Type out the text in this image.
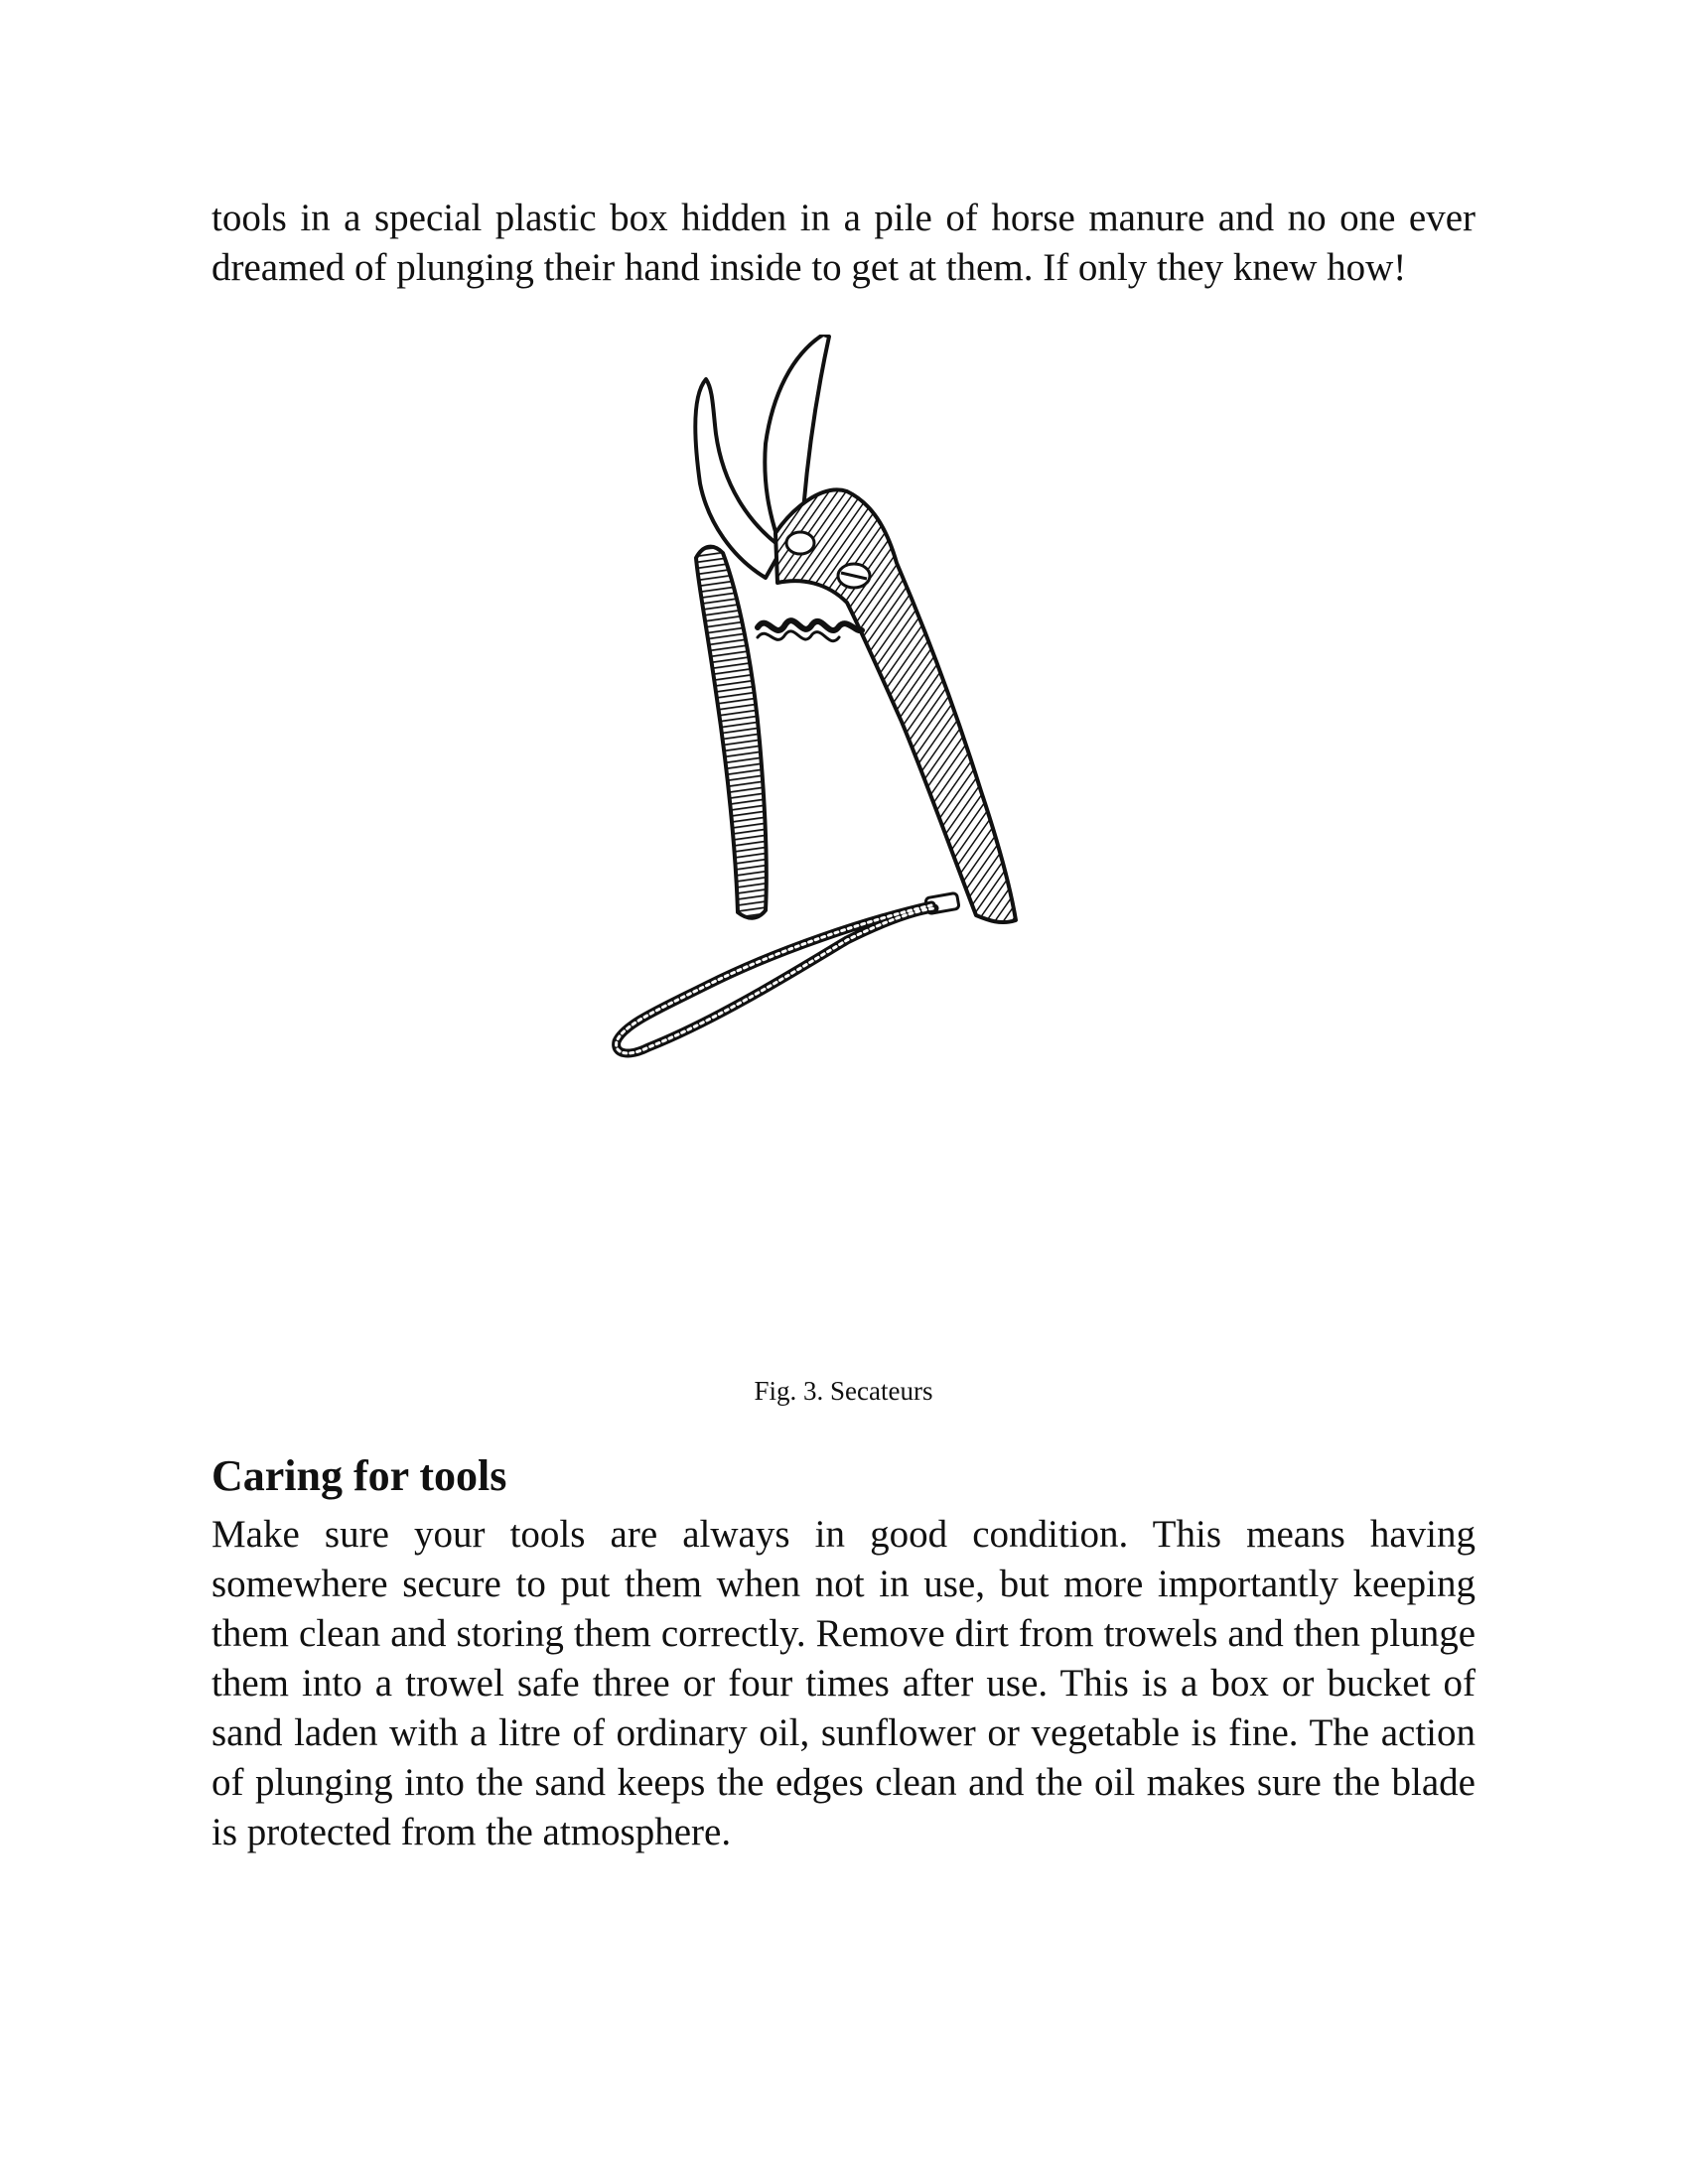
tools in a special plastic box hidden in a pile of horse manure and no one ever dreamed of plunging their hand inside to get at them. If only they knew how!

Fig. 3. Secateurs
Caring for tools

Make sure your tools are always in good condition. This means having somewhere secure to put them when not in use, but more importantly keeping them clean and storing them correctly. Remove dirt from trowels and then plunge them into a trowel safe three or four times after use. This is a box or bucket of sand laden with a litre of ordinary oil, sunflower or vegetable is fine. The action of plunging into the sand keeps the edges clean and the oil makes sure the blade is protected from the atmosphere.
